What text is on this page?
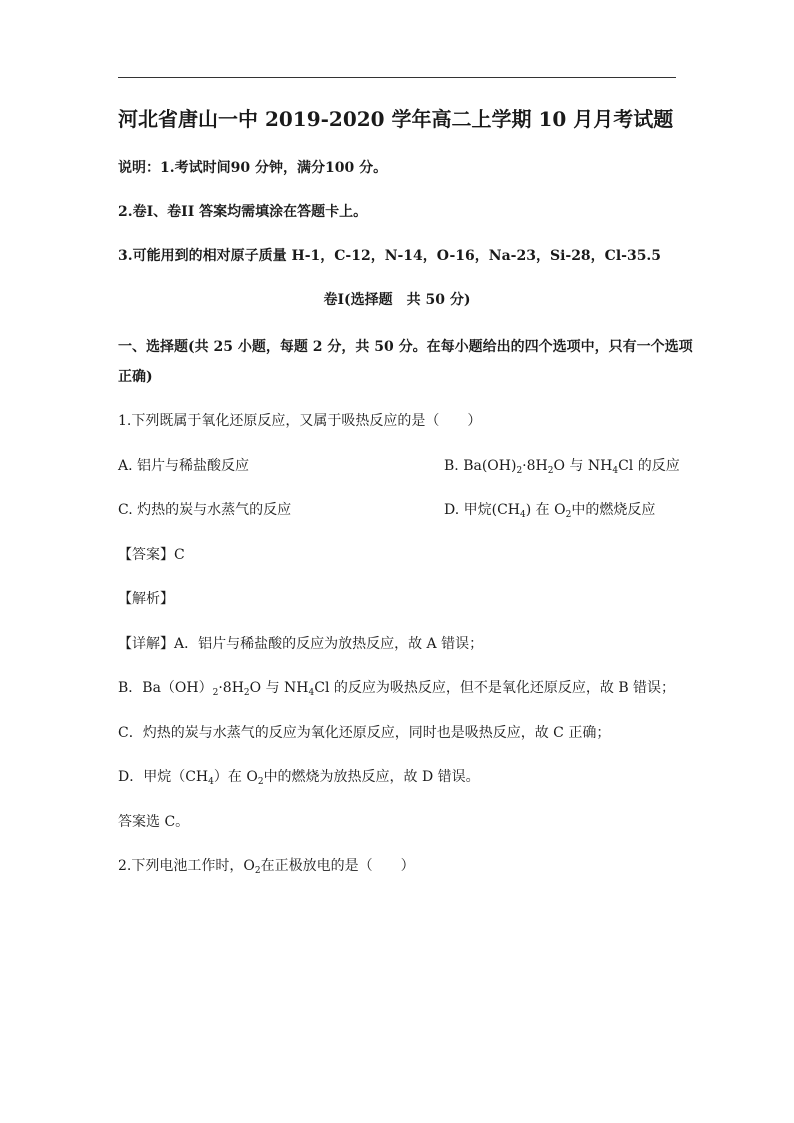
河北省唐山一中 2019-2020 学年高二上学期 10 月月考试题
说明：1.考试时间90 分钟，满分100 分。
2.卷Ⅰ、卷II 答案均需填涂在答题卡上。
3.可能用到的相对原子质量 H-1，C-12，N-14，O-16，Na-23，Si-28，Cl-35.5
卷Ⅰ(选择题　共 50 分)
一、选择题(共 25 小题，每题 2 分，共 50 分。在每小题给出的四个选项中，只有一个选项
正确)
1.下列既属于氧化还原反应，又属于吸热反应的是（　　）
A. 铝片与稀盐酸反应	B. $Ba(OH)_2\cdot 8H_2O$ 与 $NH_4Cl$ 的反应
C. 灼热的炭与水蒸气的反应	D. 甲烷$(CH_4)$ 在 $O_2$中的燃烧反应
【答案】C
【解析】
【详解】A．铝片与稀盐酸的反应为放热反应，故 A 错误；
B．$Ba(OH)_2\cdot 8H_2O$ 与 $NH_4Cl$ 的反应为吸热反应，但不是氧化还原反应，故 B 错误；
C．灼热的炭与水蒸气的反应为氧化还原反应，同时也是吸热反应，故 C 正确；
D．甲烷$(CH_4)$在 $O_2$中的燃烧为放热反应，故 D 错误。
答案选 C。
2.下列电池工作时，$O_2$在正极放电的是（　　）
